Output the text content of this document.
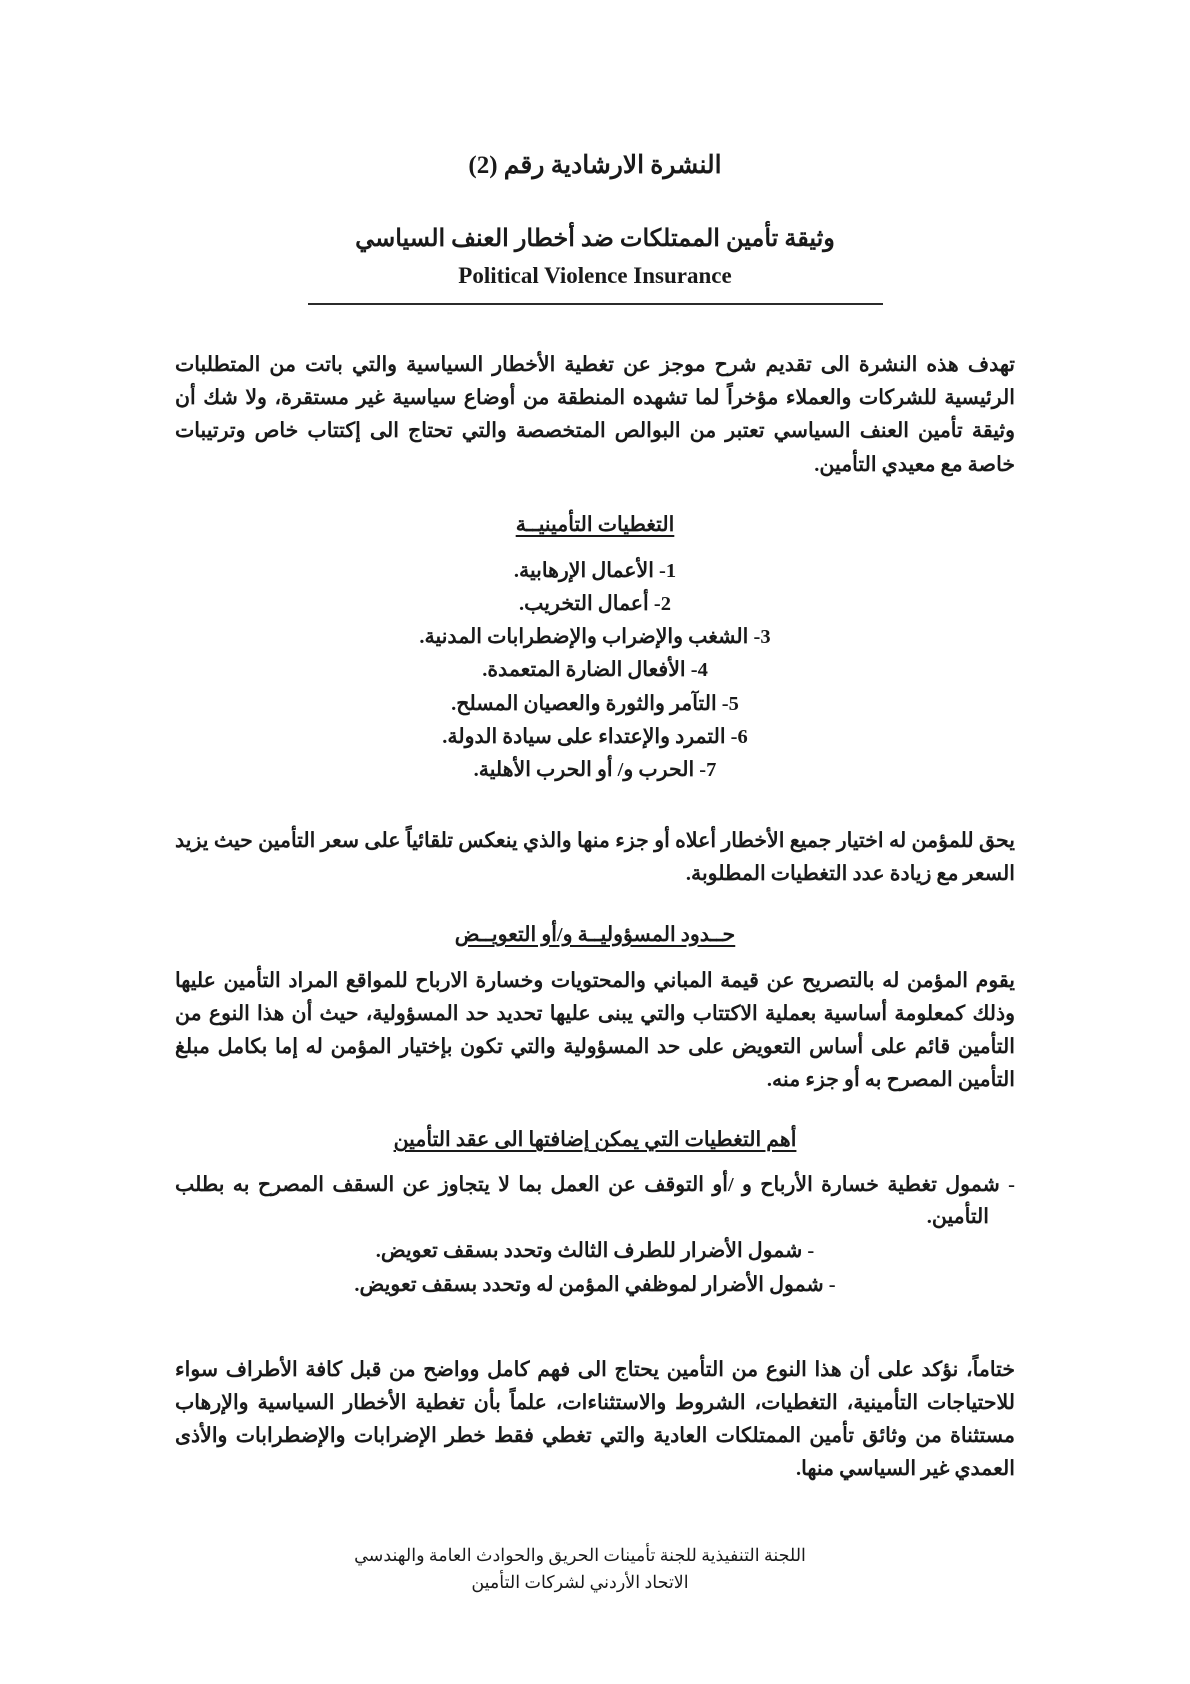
النشرة الارشادية رقم (2)
وثيقة تأمين الممتلكات ضد أخطار العنف السياسي
Political Violence Insurance

تهدف هذه النشرة الى تقديم شرح موجز عن تغطية الأخطار السياسية والتي باتت من المتطلبات الرئيسية للشركات والعملاء مؤخراً لما تشهده المنطقة من أوضاع سياسية غير مستقرة، ولا شك أن وثيقة تأمين العنف السياسي تعتبر من البوالص المتخصصة والتي تحتاج الى إكتتاب خاص وترتيبات خاصة مع معيدي التأمين.

التغطيات التأمينيــة
1- الأعمال الإرهابية.
2- أعمال التخريب.
3- الشغب والإضراب والإضطرابات المدنية.
4- الأفعال الضارة المتعمدة.
5- التآمر والثورة والعصيان المسلح.
6- التمرد والإعتداء على سيادة الدولة.
7- الحرب و/ أو الحرب الأهلية.

يحق للمؤمن له اختيار جميع الأخطار أعلاه أو جزء منها والذي ينعكس تلقائياً على سعر التأمين حيث يزيد السعر مع زيادة عدد التغطيات المطلوبة.

حــدود المسؤوليــة و/أو التعويــض

يقوم المؤمن له بالتصريح عن قيمة المباني والمحتويات وخسارة الارباح للمواقع المراد التأمين عليها وذلك كمعلومة أساسية بعملية الاكتتاب والتي يبنى عليها تحديد حد المسؤولية، حيث أن هذا النوع من التأمين قائم على أساس التعويض على حد المسؤولية والتي تكون بإختيار المؤمن له إما بكامل مبلغ التأمين المصرح به أو جزء منه.

أهم التغطيات التي يمكن إضافتها الى عقد التأمين
- شمول تغطية خسارة الأرباح و /أو التوقف عن العمل بما لا يتجاوز عن السقف المصرح به بطلب التأمين.
- شمول الأضرار للطرف الثالث وتحدد بسقف تعويض.
- شمول الأضرار لموظفي المؤمن له وتحدد بسقف تعويض.

ختاماً، نؤكد على أن هذا النوع من التأمين يحتاج الى فهم كامل وواضح من قبل كافة الأطراف سواء للاحتياجات التأمينية، التغطيات، الشروط والاستثناءات، علماً بأن تغطية الأخطار السياسية والإرهاب مستثناة من وثائق تأمين الممتلكات العادية والتي تغطي فقط خطر الإضرابات والإضطرابات والأذى العمدي غير السياسي منها.

اللجنة التنفيذية للجنة تأمينات الحريق والحوادث العامة والهندسي
الاتحاد الأردني لشركات التأمين
